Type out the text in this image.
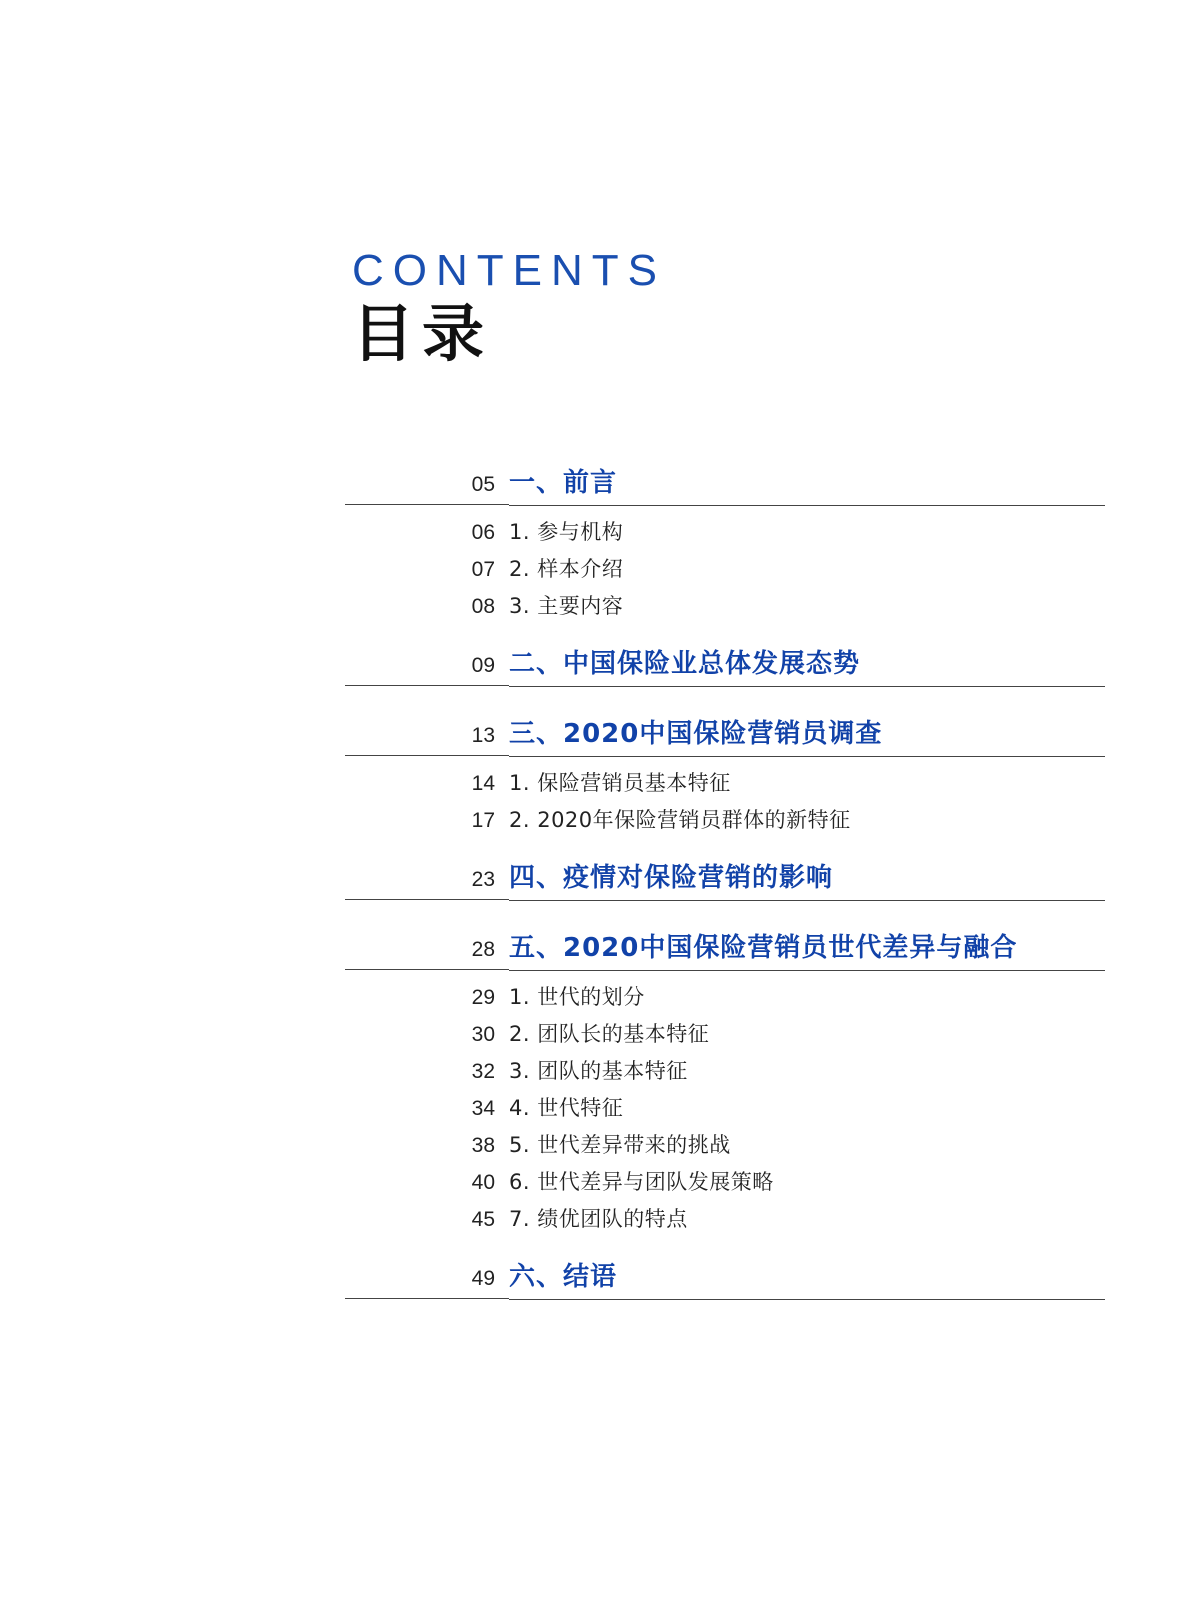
CONTENTS
目录
05 一、前言
06 1. 参与机构
07 2. 样本介绍
08 3. 主要内容
09 二、中国保险业总体发展态势
13 三、2020中国保险营销员调查
14 1. 保险营销员基本特征
17 2. 2020年保险营销员群体的新特征
23 四、疫情对保险营销的影响
28 五、2020中国保险营销员世代差异与融合
29 1. 世代的划分
30 2. 团队长的基本特征
32 3. 团队的基本特征
34 4. 世代特征
38 5. 世代差异带来的挑战
40 6. 世代差异与团队发展策略
45 7. 绩优团队的特点
49 六、结语
